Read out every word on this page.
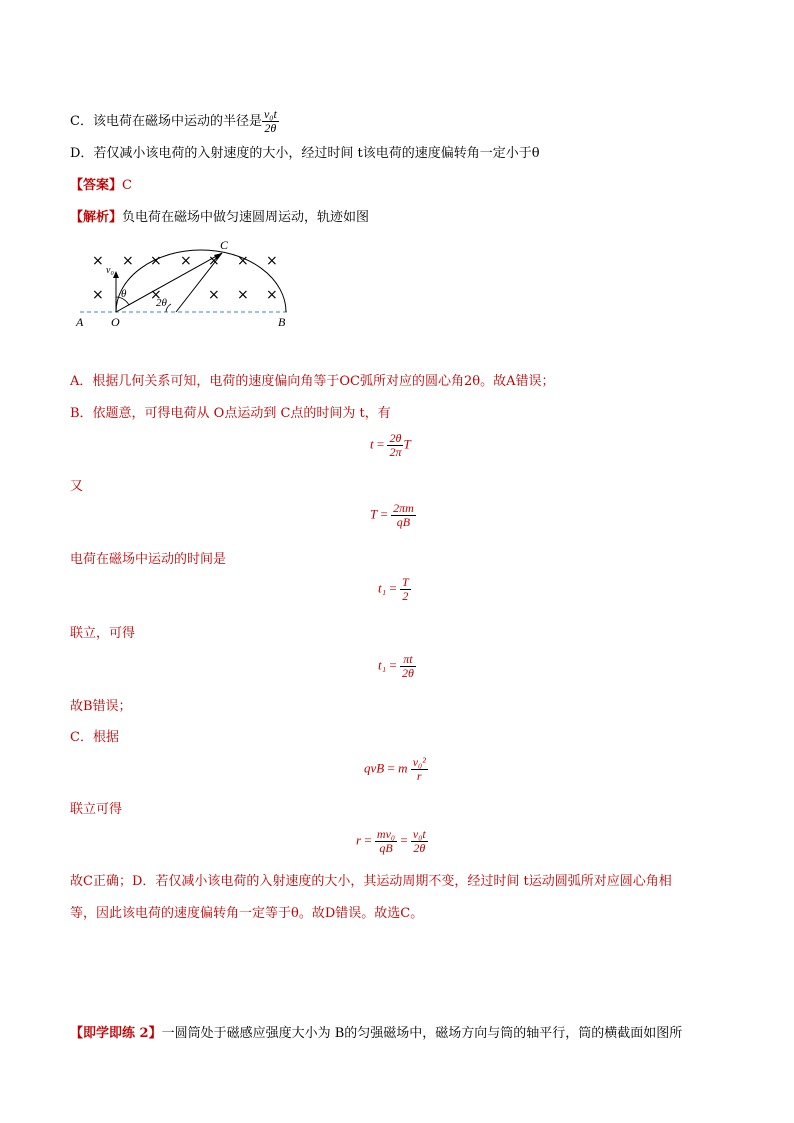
C．该电荷在磁场中运动的半径是 $\frac{\text{v₀t}}{2\theta}$
D．若仅减小该电荷的入射速度的大小，经过时间 t该电荷的速度偏转角一定小于θ
【答案】C
【解析】负电荷在磁场中做匀速圆周运动，轨迹如图
× × × × × × ×
×	×	× × ×
A O	B
C
v₀
θ
2θ
A．根据几何关系可知，电荷的速度偏向角等于OC弧所对应的圆心角2θ。故A错误；
B．依题意，可得电荷从 O点运动到 C点的时间为 t，有
$t = \frac{2\theta}{2\pi}$ T
又
$T = \frac{2\pi m}{qB}$
电荷在磁场中运动的时间是
$t_1 = \frac{T}{2}$
联立，可得
$t_1 = \frac{\pi t}{2\theta}$
故B错误；
C．根据
qvB = m $\frac{\text{v₀²}}{r}$
联立可得
$r = \frac{\text{mv₀}}{qB} = \frac{\text{v₀t}}{2\theta}$
故C正确；D．若仅减小该电荷的入射速度的大小，其运动周期不变，经过时间 t运动圆弧所对应圆心角相
等，因此该电荷的速度偏转角一定等于θ。故D错误。故选C。
【即学即练 2】一圆筒处于磁感应强度大小为 B的匀强磁场中，磁场方向与筒的轴平行，筒的横截面如图所
